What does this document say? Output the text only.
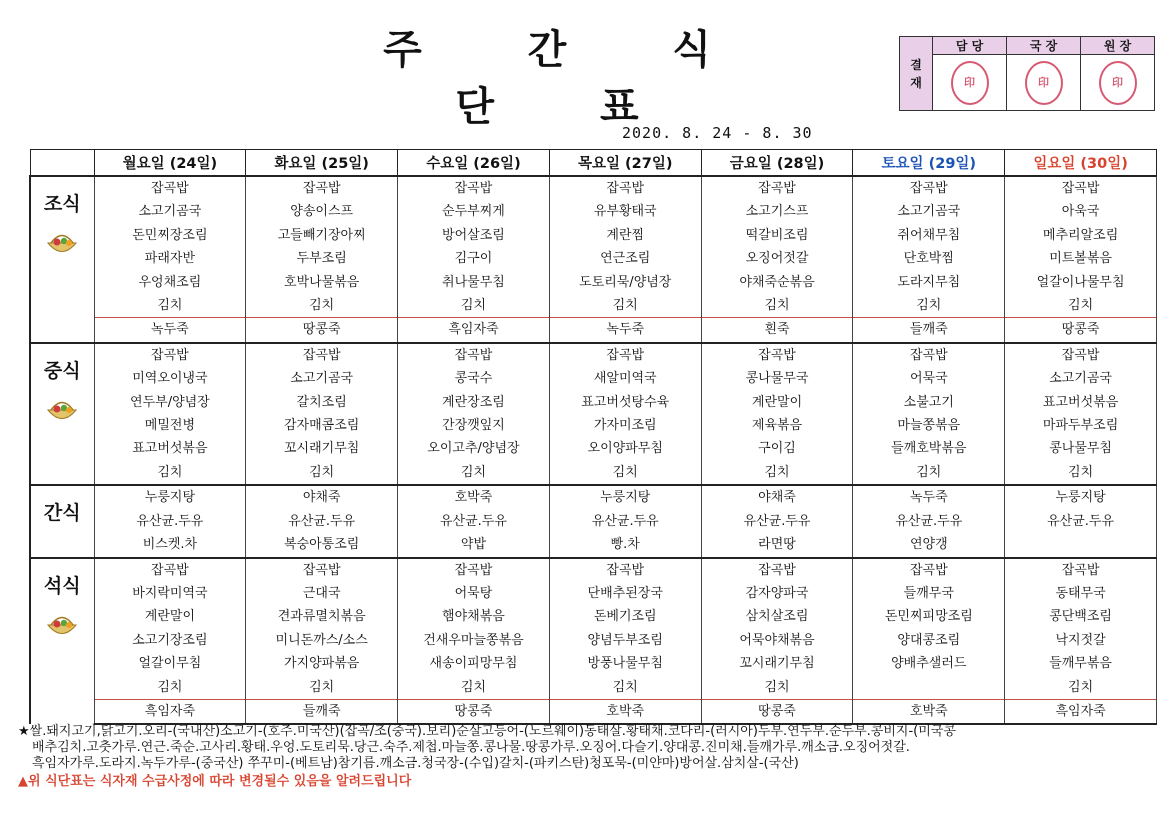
주 간 식 단 표
결
재	담 당	국 장	원 장
	印	印	印
2020. 8. 24 - 8. 30
	월요일 (24일)	화요일 (25일)	수요일 (26일)	목요일 (27일)	금요일 (28일)	토요일 (29일)	일요일 (30일)

조식	잡곡밥	잡곡밥	잡곡밥	잡곡밥	잡곡밥	잡곡밥	잡곡밥
	소고기곰국	양송이스프	순두부찌게	유부황태국	소고기스프	소고기곰국	아욱국
	돈민찌장조림	고들빼기장아찌	방어살조림	계란찜	떡갈비조림	쥐어채무침	메추리알조림
	파래자반	두부조림	김구이	연근조림	오징어젓갈	단호박찜	미트볼볶음
	우엉채조림	호박나물볶음	취나물무침	도토리묵/양념장	야채죽순볶음	도라지무침	얼갈이나물무침
	김치	김치	김치	김치	김치	김치	김치
	녹두죽	땅콩죽	흑임자죽	녹두죽	흰죽	들깨죽	땅콩죽

중식	잡곡밥	잡곡밥	잡곡밥	잡곡밥	잡곡밥	잡곡밥	잡곡밥
	미역오이냉국	소고기곰국	콩국수	새알미역국	콩나물무국	어묵국	소고기곰국
	연두부/양념장	갈치조림	계란장조림	표고버섯탕수육	계란말이	소불고기	표고버섯볶음
	메밀전병	감자매콤조림	간장깻잎지	가자미조림	제육볶음	마늘쫑볶음	마파두부조림
	표고버섯볶음	꼬시래기무침	오이고추/양념장	오이양파무침	구이김	들깨호박볶음	콩나물무침
	김치	김치	김치	김치	김치	김치	김치

간식	누룽지탕	야채죽	호박죽	누룽지탕	야채죽	녹두죽	누룽지탕
	유산균.두유	유산균.두유	유산균.두유	유산균.두유	유산균.두유	유산균.두유	유산균.두유
	비스켓.차	복숭아통조림	약밥	빵.차	라면땅	연양갱	

석식	잡곡밥	잡곡밥	잡곡밥	잡곡밥	잡곡밥	잡곡밥	잡곡밥
	바지락미역국	근대국	어묵탕	단배추된장국	감자양파국	들깨무국	동태무국
	계란말이	견과류멸치볶음	햄야채볶음	돈베기조림	삼치살조림	돈민찌피망조림	콩단백조림
	소고기장조림	미니돈까스/소스	건새우마늘쫑볶음	양념두부조림	어묵야채볶음	양대콩조림	낙지젓갈
	얼갈이무침	가지양파볶음	새송이피망무침	방풍나물무침	꼬시래기무침	양배추샐러드	들깨무볶음
	김치	김치	김치	김치	김치		김치
	흑임자죽	들깨죽	땅콩죽	호박죽	땅콩죽	호박죽	흑임자죽
★쌀.돼지고기,닭고기.오리-(국내산)소고기-(호주.미국산)(잡곡/조(중국).보리)순살고등어-(노르웨이)동태살.황태채.코다리-(러시아)두부.연두부.순두부.콩비지-(미국콩
배추김치.고춧가루.연근.죽순.고사리.황태.우엉.도토리묵.당근.숙주.제첩.마늘쫑.콩나물.땅콩가루.오징어.다슬기.양대콩.진미채.들깨가루.깨소금.오징어젓갈.
흑임자가루.도라지.녹두가루-(중국산) 쭈꾸미-(베트남)참기름.깨소금.청국장-(수입)갈치-(파키스탄)청포묵-(미얀마)방어살.삼치살-(국산)
▲위 식단표는 식자재 수급사정에 따라 변경될수 있음을 알려드립니다
